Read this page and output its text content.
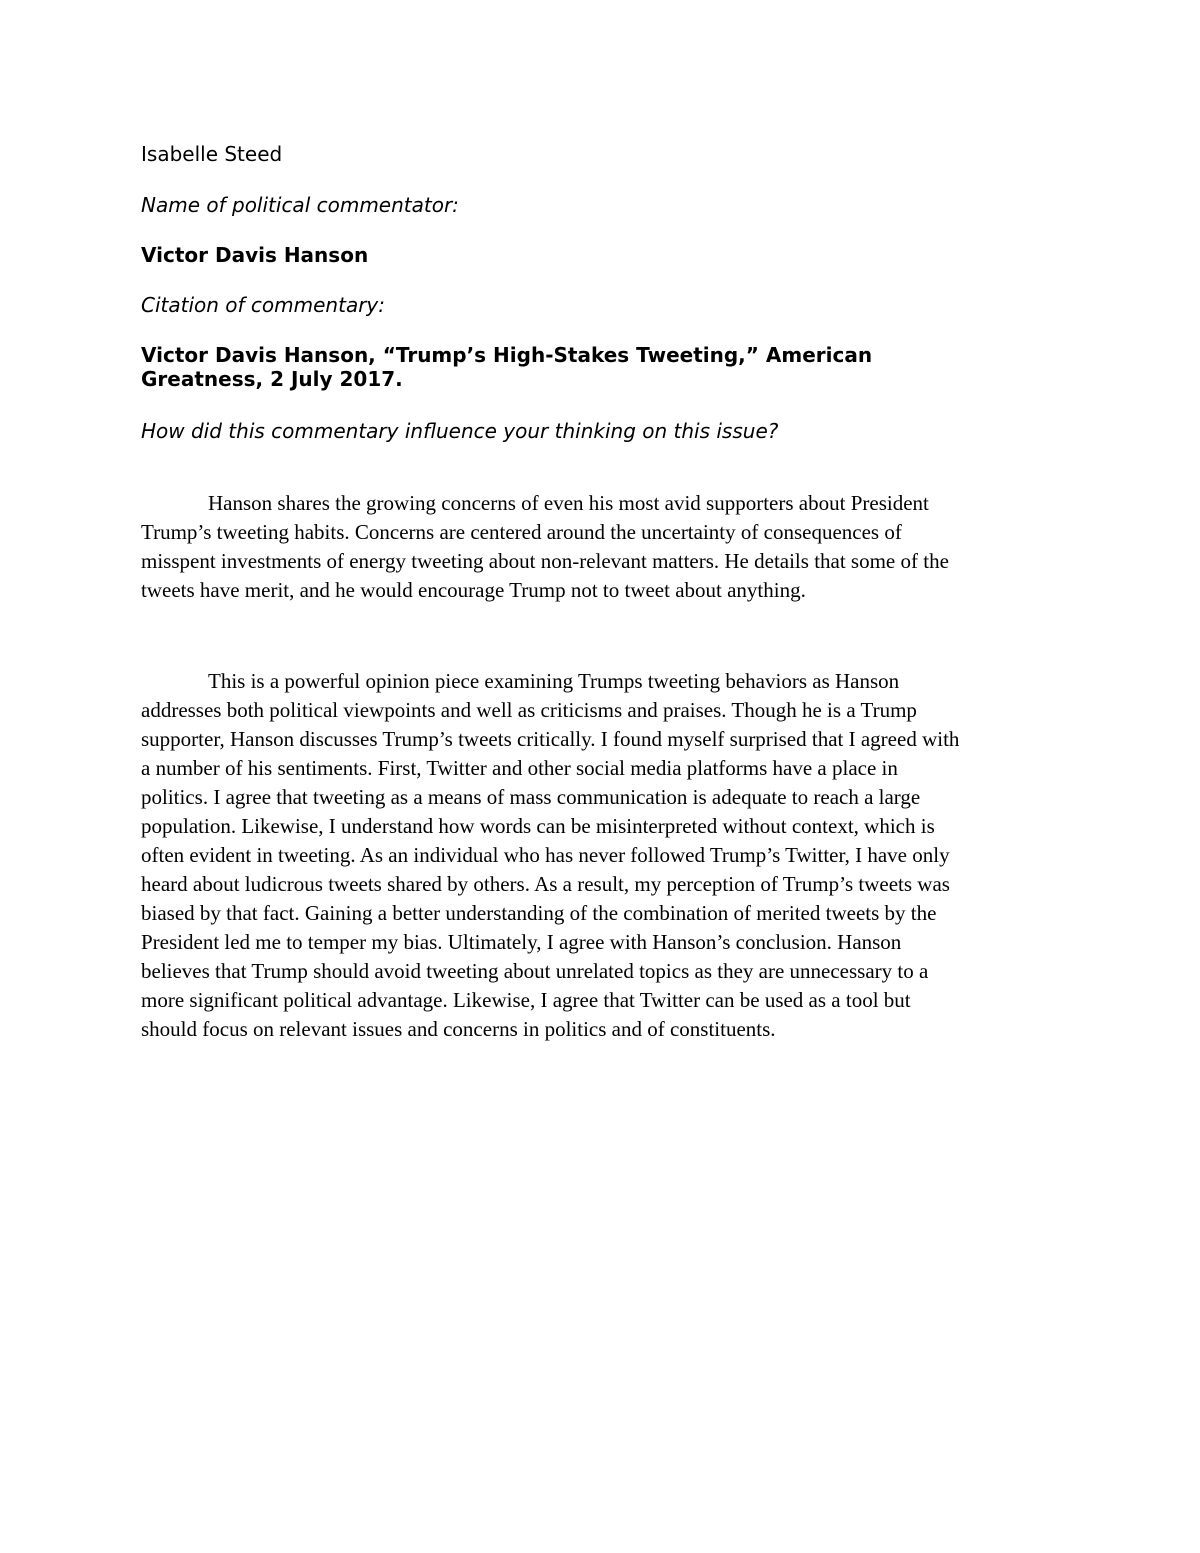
Isabelle Steed

Name of political commentator:

Victor Davis Hanson

Citation of commentary:

Victor Davis Hanson, “Trump’s High-Stakes Tweeting,” American Greatness, 2 July 2017.

How did this commentary influence your thinking on this issue?

Hanson shares the growing concerns of even his most avid supporters about President
Trump’s tweeting habits. Concerns are centered around the uncertainty of consequences of
misspent investments of energy tweeting about non-relevant matters. He details that some of the
tweets have merit, and he would encourage Trump not to tweet about anything.
This is a powerful opinion piece examining Trumps tweeting behaviors as Hanson
addresses both political viewpoints and well as criticisms and praises. Though he is a Trump
supporter, Hanson discusses Trump’s tweets critically. I found myself surprised that I agreed with
a number of his sentiments. First, Twitter and other social media platforms have a place in
politics. I agree that tweeting as a means of mass communication is adequate to reach a large
population. Likewise, I understand how words can be misinterpreted without context, which is
often evident in tweeting. As an individual who has never followed Trump’s Twitter, I have only
heard about ludicrous tweets shared by others. As a result, my perception of Trump’s tweets was
biased by that fact. Gaining a better understanding of the combination of merited tweets by the
President led me to temper my bias. Ultimately, I agree with Hanson’s conclusion. Hanson
believes that Trump should avoid tweeting about unrelated topics as they are unnecessary to a
more significant political advantage. Likewise, I agree that Twitter can be used as a tool but
should focus on relevant issues and concerns in politics and of constituents.
